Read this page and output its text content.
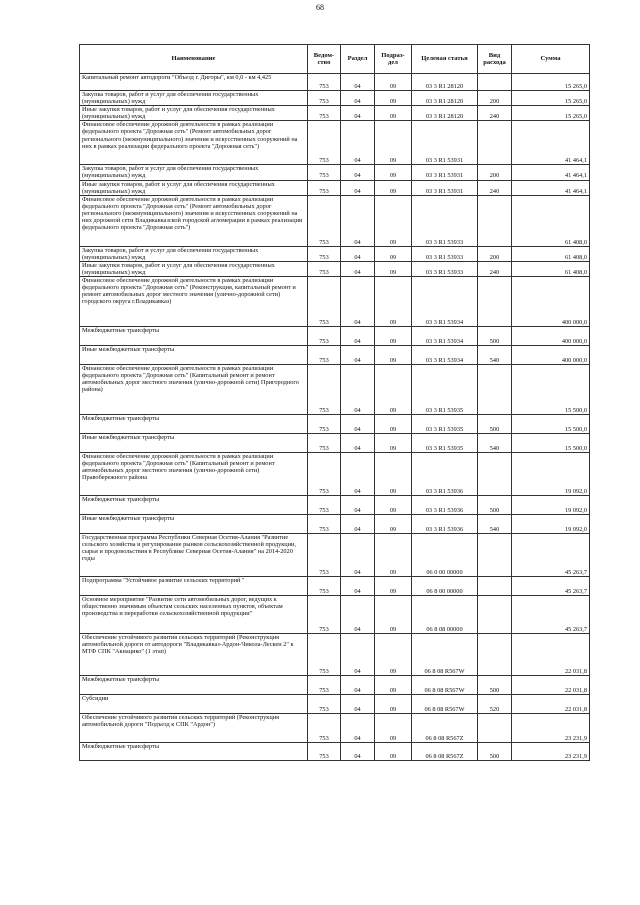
68
Наименование	Ведом-ство	Раздел	Подраз-дел	Целевая статья	Вид расхода	Сумма
Капитальный ремонт автодороги "Объезд г. Дигоры", км 0,0 - км 4,425	753	04	09	03 3 R1 28120		15 265,0
Закупка товаров, работ и услуг для обеспечения государственных (муниципальных) нужд	753	04	09	03 3 R1 28120	200	15 265,0
Иные закупки товаров, работ и услуг для обеспечения государственных (муниципальных) нужд	753	04	09	03 3 R1 28120	240	15 265,0
Финансовое обеспечение дорожной деятельности в рамках реализации федерального проекта "Дорожная сеть" (Ремонт автомобильных дорог регионального (межмуниципального) значения и искусственных сооружений на них в рамках реализации федерального проекта "Дорожная сеть")	753	04	09	03 3 R1 53931		41 464,1
Закупка товаров, работ и услуг для обеспечения государственных (муниципальных) нужд	753	04	09	03 3 R1 53931	200	41 464,1
Иные закупки товаров, работ и услуг для обеспечения государственных (муниципальных) нужд	753	04	09	03 3 R1 53931	240	41 464,1
Финансовое обеспечение дорожной деятельности в рамках реализации федерального проекта "Дорожная сеть" (Ремонт автомобильных дорог регионального (межмуниципального) значения и искусственных сооружений на них дорожной сети Владикавказской городской агломерации в рамках реализации федерального проекта "Дорожная сеть")	753	04	09	03 3 R1 53933		61 408,0
Закупка товаров, работ и услуг для обеспечения государственных (муниципальных) нужд	753	04	09	03 3 R1 53933	200	61 408,0
Иные закупки товаров, работ и услуг для обеспечения государственных (муниципальных) нужд	753	04	09	03 3 R1 53933	240	61 408,0
Финансовое обеспечение дорожной деятельности в рамках реализации федерального проекта "Дорожная сеть" (Реконструкция, капитальный ремонт и ремонт автомобильных дорог местного значения (улично-дорожной сети) городского округа г.Владикавказ)	753	04	09	03 3 R1 53934		400 000,0
Межбюджетные трансферты	753	04	09	03 3 R1 53934	500	400 000,0
Иные межбюджетные трансферты	753	04	09	03 3 R1 53934	540	400 000,0
Финансовое обеспечение дорожной деятельности в рамках реализации федерального проекта "Дорожная сеть" (Капитальный ремонт и ремонт автомобильных дорог местного значения (улично-дорожной сети) Пригородного района)	753	04	09	03 3 R1 53935		15 500,0
Межбюджетные трансферты	753	04	09	03 3 R1 53935	500	15 500,0
Иные межбюджетные трансферты	753	04	09	03 3 R1 53935	540	15 500,0
Финансовое обеспечение дорожной деятельности в рамках реализации федерального проекта "Дорожная сеть" (Капитальный ремонт и ремонт автомобильных дорог местного значения (улично-дорожной сети) Правобережного района	753	04	09	03 3 R1 53936		19 092,0
Межбюджетные трансферты	753	04	09	03 3 R1 53936	500	19 092,0
Иные межбюджетные трансферты	753	04	09	03 3 R1 53936	540	19 092,0
Государственная программа Республики Северная Осетия-Алания "Развитие сельского хозяйства и регулирование рынков сельскохозяйственной продукции, сырья и продовольствия в Республике Северная Осетия-Алания" на 2014-2020 годы	753	04	09	06 0 00 00000		45 263,7
Подпрограмма "Устойчивое развитие сельских территорий "	753	04	09	06 8 00 00000		45 263,7
Основное мероприятие "Развитие сети автомобильных дорог, ведущих к общественно значимым объектам сельских населенных пунктов, объектам производства и переработки сельскохозяйственной продукции"	753	04	09	06 8 08 00000		45 263,7
Обеспечение устойчивого развития сельских территорий (Реконструкция автомобильной дороги от автодороги "Владикавказ-Ардон-Чикола-Лескен 2" к МТФ СПК "Акнацико" (1 этап)	753	04	09	06 8 08 R567W		22 031,8
Межбюджетные трансферты	753	04	09	06 8 08 R567W	500	22 031,8
Субсидии	753	04	09	06 8 08 R567W	520	22 031,8
Обеспечение устойчивого развития сельских территорий (Реконструкция автомобильной дороги "Подъезд к СПК "Ардон")	753	04	09	06 8 08 R567Z		23 231,9
Межбюджетные трансферты	753	04	09	06 8 08 R567Z	500	23 231,9
